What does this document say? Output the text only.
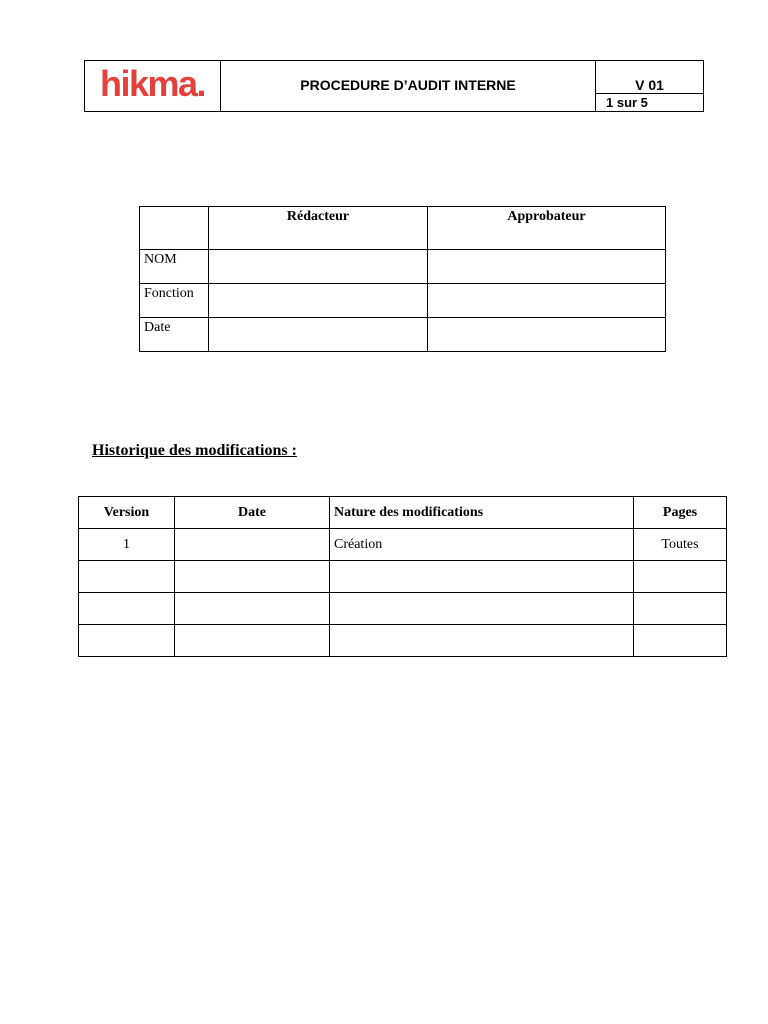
hikma.	PROCEDURE D’AUDIT INTERNE	V 01
1 sur 5
	Rédacteur	Approbateur
NOM		
Fonction		
Date		
Historique des modifications :
Version	Date	Nature des modifications	Pages
1		Création	Toutes
